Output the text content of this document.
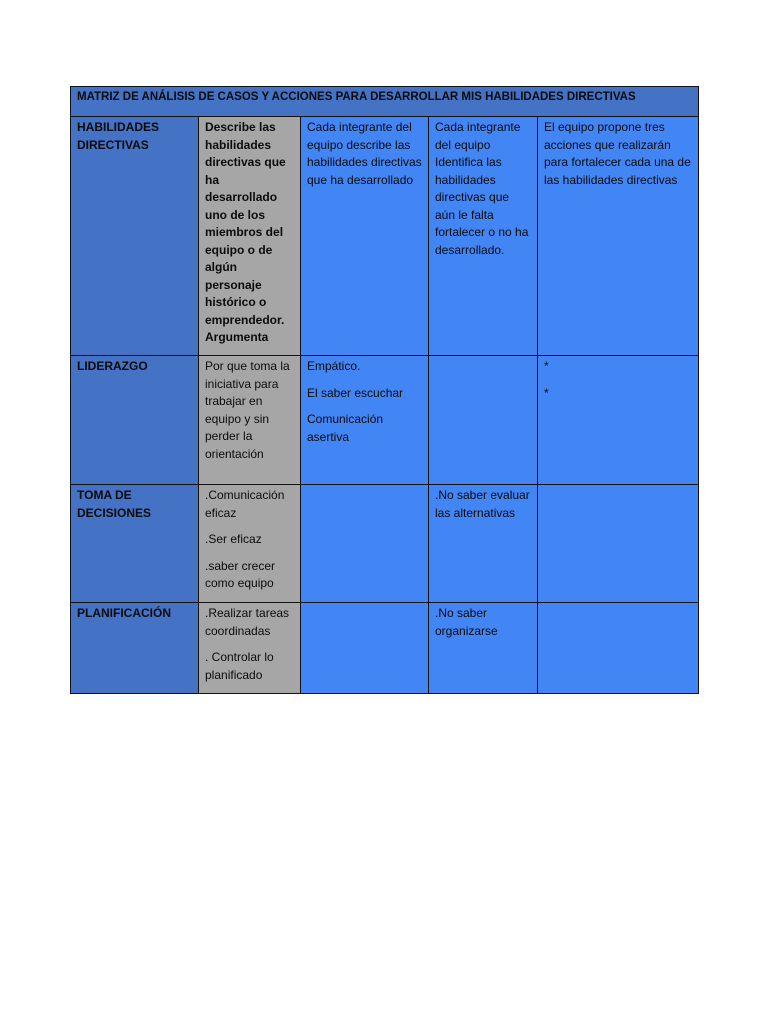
MATRIZ DE ANÁLISIS DE CASOS Y ACCIONES PARA DESARROLLAR MIS HABILIDADES DIRECTIVAS				
HABILIDADES DIRECTIVAS	Describe las habilidades directivas que ha desarrollado uno de los miembros del equipo o de algún personaje histórico o emprendedor. Argumenta	Cada integrante del equipo describe las habilidades directivas que ha desarrollado	Cada integrante del equipo Identifica las habilidades directivas que aún le falta fortalecer o no ha desarrollado.	El equipo propone tres acciones que realizarán para fortalecer cada una de las habilidades directivas
LIDERAZGO	Por que toma la iniciativa para trabajar en equipo y sin perder la orientación	Empático.
El saber escuchar
Comunicación asertiva		*
*

TOMA DE DECISIONES	.Comunicación eficaz
.Ser eficaz
.saber crecer como equipo		.No saber evaluar las alternativas	

PLANIFICACIÓN	.Realizar tareas coordinadas
. Controlar lo planificado		.No saber organizarse	
